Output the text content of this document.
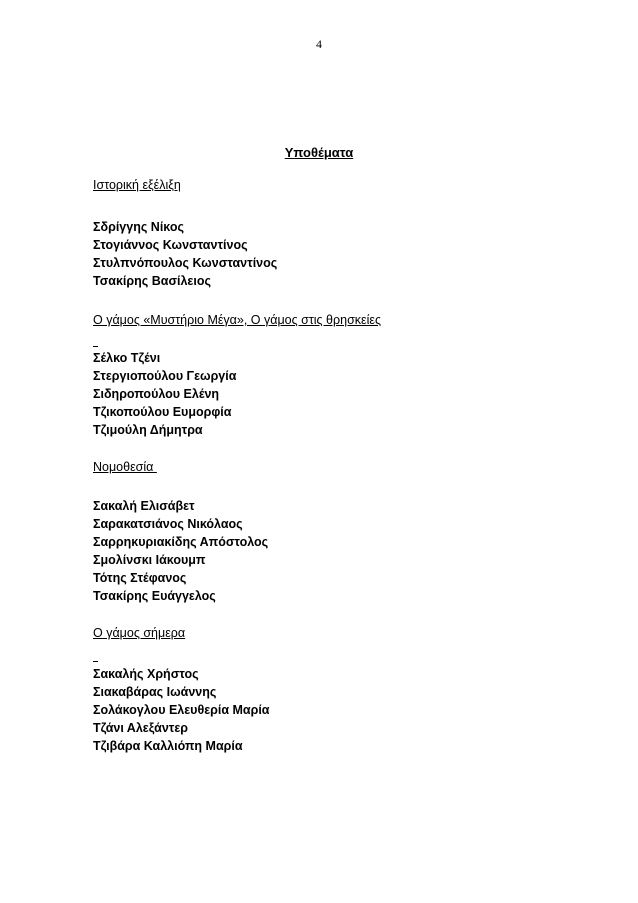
4
Υποθέματα
Ιστορική εξέλιξη
Σδρίγγης Νίκος
Στογιάννος Κωνσταντίνος
Στυλπνόπουλος Κωνσταντίνος
Τσακίρης Βασίλειος
Ο γάμος «Μυστήριο Μέγα», Ο γάμος στις θρησκείες
Σέλκο Τζένι
Στεργιοπούλου Γεωργία
Σιδηροπούλου Ελένη
Τζικοπούλου Ευμορφία
Τζιμούλη Δήμητρα
Νομοθεσία
Σακαλή Ελισάβετ
Σαρακατσιάνος Νικόλαος
Σαρρηκυριακίδης Απόστολος
Σμολίνσκι Ιάκουμπ
Τότης Στέφανος
Τσακίρης Ευάγγελος
Ο γάμος σήμερα
Σακαλής Χρήστος
Σιακαβάρας Ιωάννης
Σολάκογλου Ελευθερία Μαρία
Τζάνι Αλεξάντερ
Τζιβάρα Καλλιόπη Μαρία
